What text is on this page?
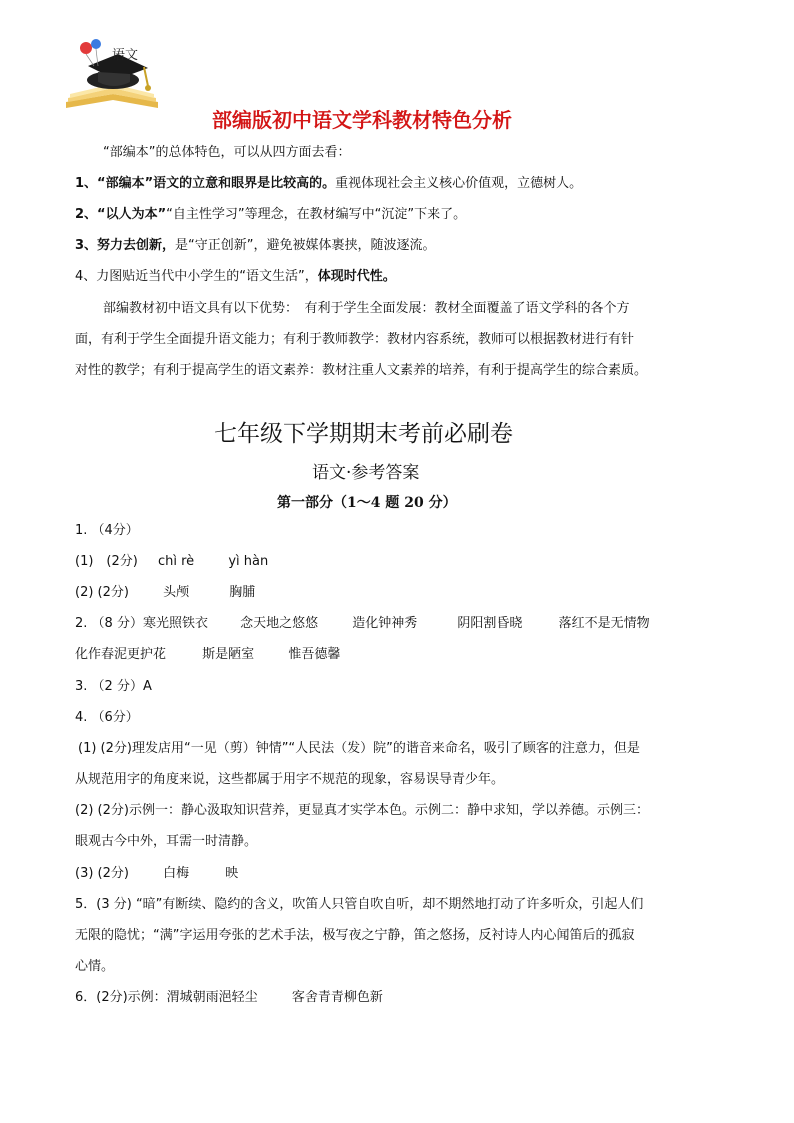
语文
部编版初中语文学科教材特色分析
“部编本”的总体特色，可以从四方面去看：
1、“部编本”语文的立意和眼界是比较高的。重视体现社会主义核心价值观，立德树人。
2、“以人为本”“自主性学习”等理念，在教材编写中“沉淀”下来了。
3、努力去创新，是“守正创新”，避免被媒体裹挟，随波逐流。
4、力图贴近当代中小学生的“语文生活”，体现时代性。
部编教材初中语文具有以下优势：　有利于学生全面发展：教材全面覆盖了语文学科的各个方
面，有利于学生全面提升语文能力；有利于教师教学：教材内容系统，教师可以根据教材进行有针
对性的教学；有利于提高学生的语文素养：教材注重人文素养的培养，有利于提高学生的综合素质。
七年级下学期期末考前必刷卷
语文·参考答案
第一部分（1～4 题 20 分）
1. （4分）
(1)　(2分) chì rè	yì hàn
(2) (2分)	头颅	胸脯
2. （8 分）寒光照铁衣 念天地之悠悠	造化钟神秀	阴阳割昏晓	落红不是无情物
化作春泥更护花	斯是陋室	惟吾德馨
3. （2 分）A
4. （6分）
(1) (2分)理发店用“一见（剪）钟情”“人民法（发）院”的谐音来命名，吸引了顾客的注意力，但是
从规范用字的角度来说，这些都属于用字不规范的现象，容易误导青少年。
(2) (2分)示例一：静心汲取知识营养，更显真才实学本色。示例二：静中求知，学以养德。示例三：
眼观古今中外，耳需一时清静。
(3) (2分)	白梅	映
5．(3 分) “暗”有断续、隐约的含义，吹笛人只管自吹自听，却不期然地打动了许多听众，引起人们
无限的隐忧；“满”字运用夸张的艺术手法，极写夜之宁静，笛之悠扬，反衬诗人内心闻笛后的孤寂
心情。
6．(2分)示例：渭城朝雨浥轻尘	客舍青青柳色新
